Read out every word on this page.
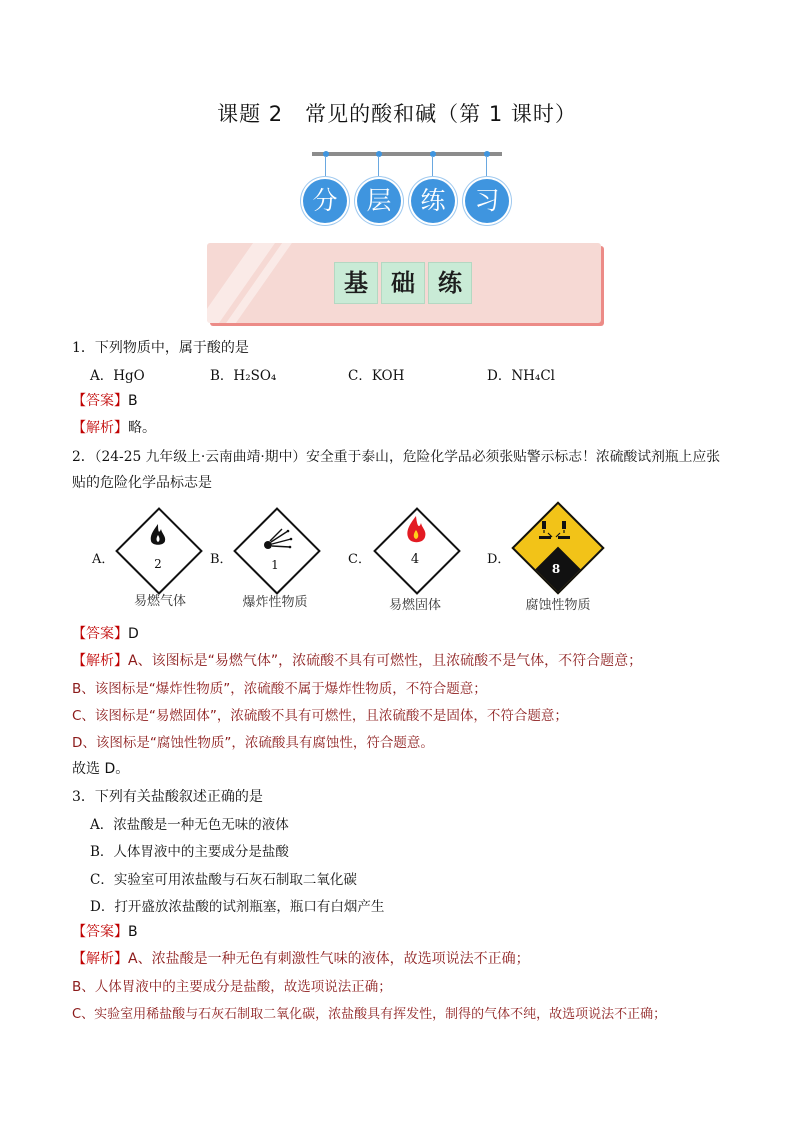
课题 2　常见的酸和碱（第 1 课时）
分	层	练	习
基 础 练
1．下列物质中，属于酸的是
A．HgO	B．H₂SO₄	C．KOH	D．NH₄Cl
【答案】B
【解析】略。
2．（24-25 九年级上·云南曲靖·期中）安全重于泰山，危险化学品必须张贴警示标志！浓硫酸试剂瓶上应张
贴的危险化学品标志是
A．	B．	C．	D．
2
易燃气体
1
爆炸性物质
4
易燃固体
8
腐蚀性物质
【答案】D
【解析】A、该图标是“易燃气体”，浓硫酸不具有可燃性，且浓硫酸不是气体，不符合题意；
B、该图标是“爆炸性物质”，浓硫酸不属于爆炸性物质，不符合题意；
C、该图标是“易燃固体”，浓硫酸不具有可燃性，且浓硫酸不是固体，不符合题意；
D、该图标是“腐蚀性物质”，浓硫酸具有腐蚀性，符合题意。
故选 D。
3．下列有关盐酸叙述正确的是
A．浓盐酸是一种无色无味的液体
B．人体胃液中的主要成分是盐酸
C．实验室可用浓盐酸与石灰石制取二氧化碳
D．打开盛放浓盐酸的试剂瓶塞，瓶口有白烟产生
【答案】B
【解析】A、浓盐酸是一种无色有刺激性气味的液体，故选项说法不正确；
B、人体胃液中的主要成分是盐酸，故选项说法正确；
C、实验室用稀盐酸与石灰石制取二氧化碳，浓盐酸具有挥发性，制得的气体不纯，故选项说法不正确；
